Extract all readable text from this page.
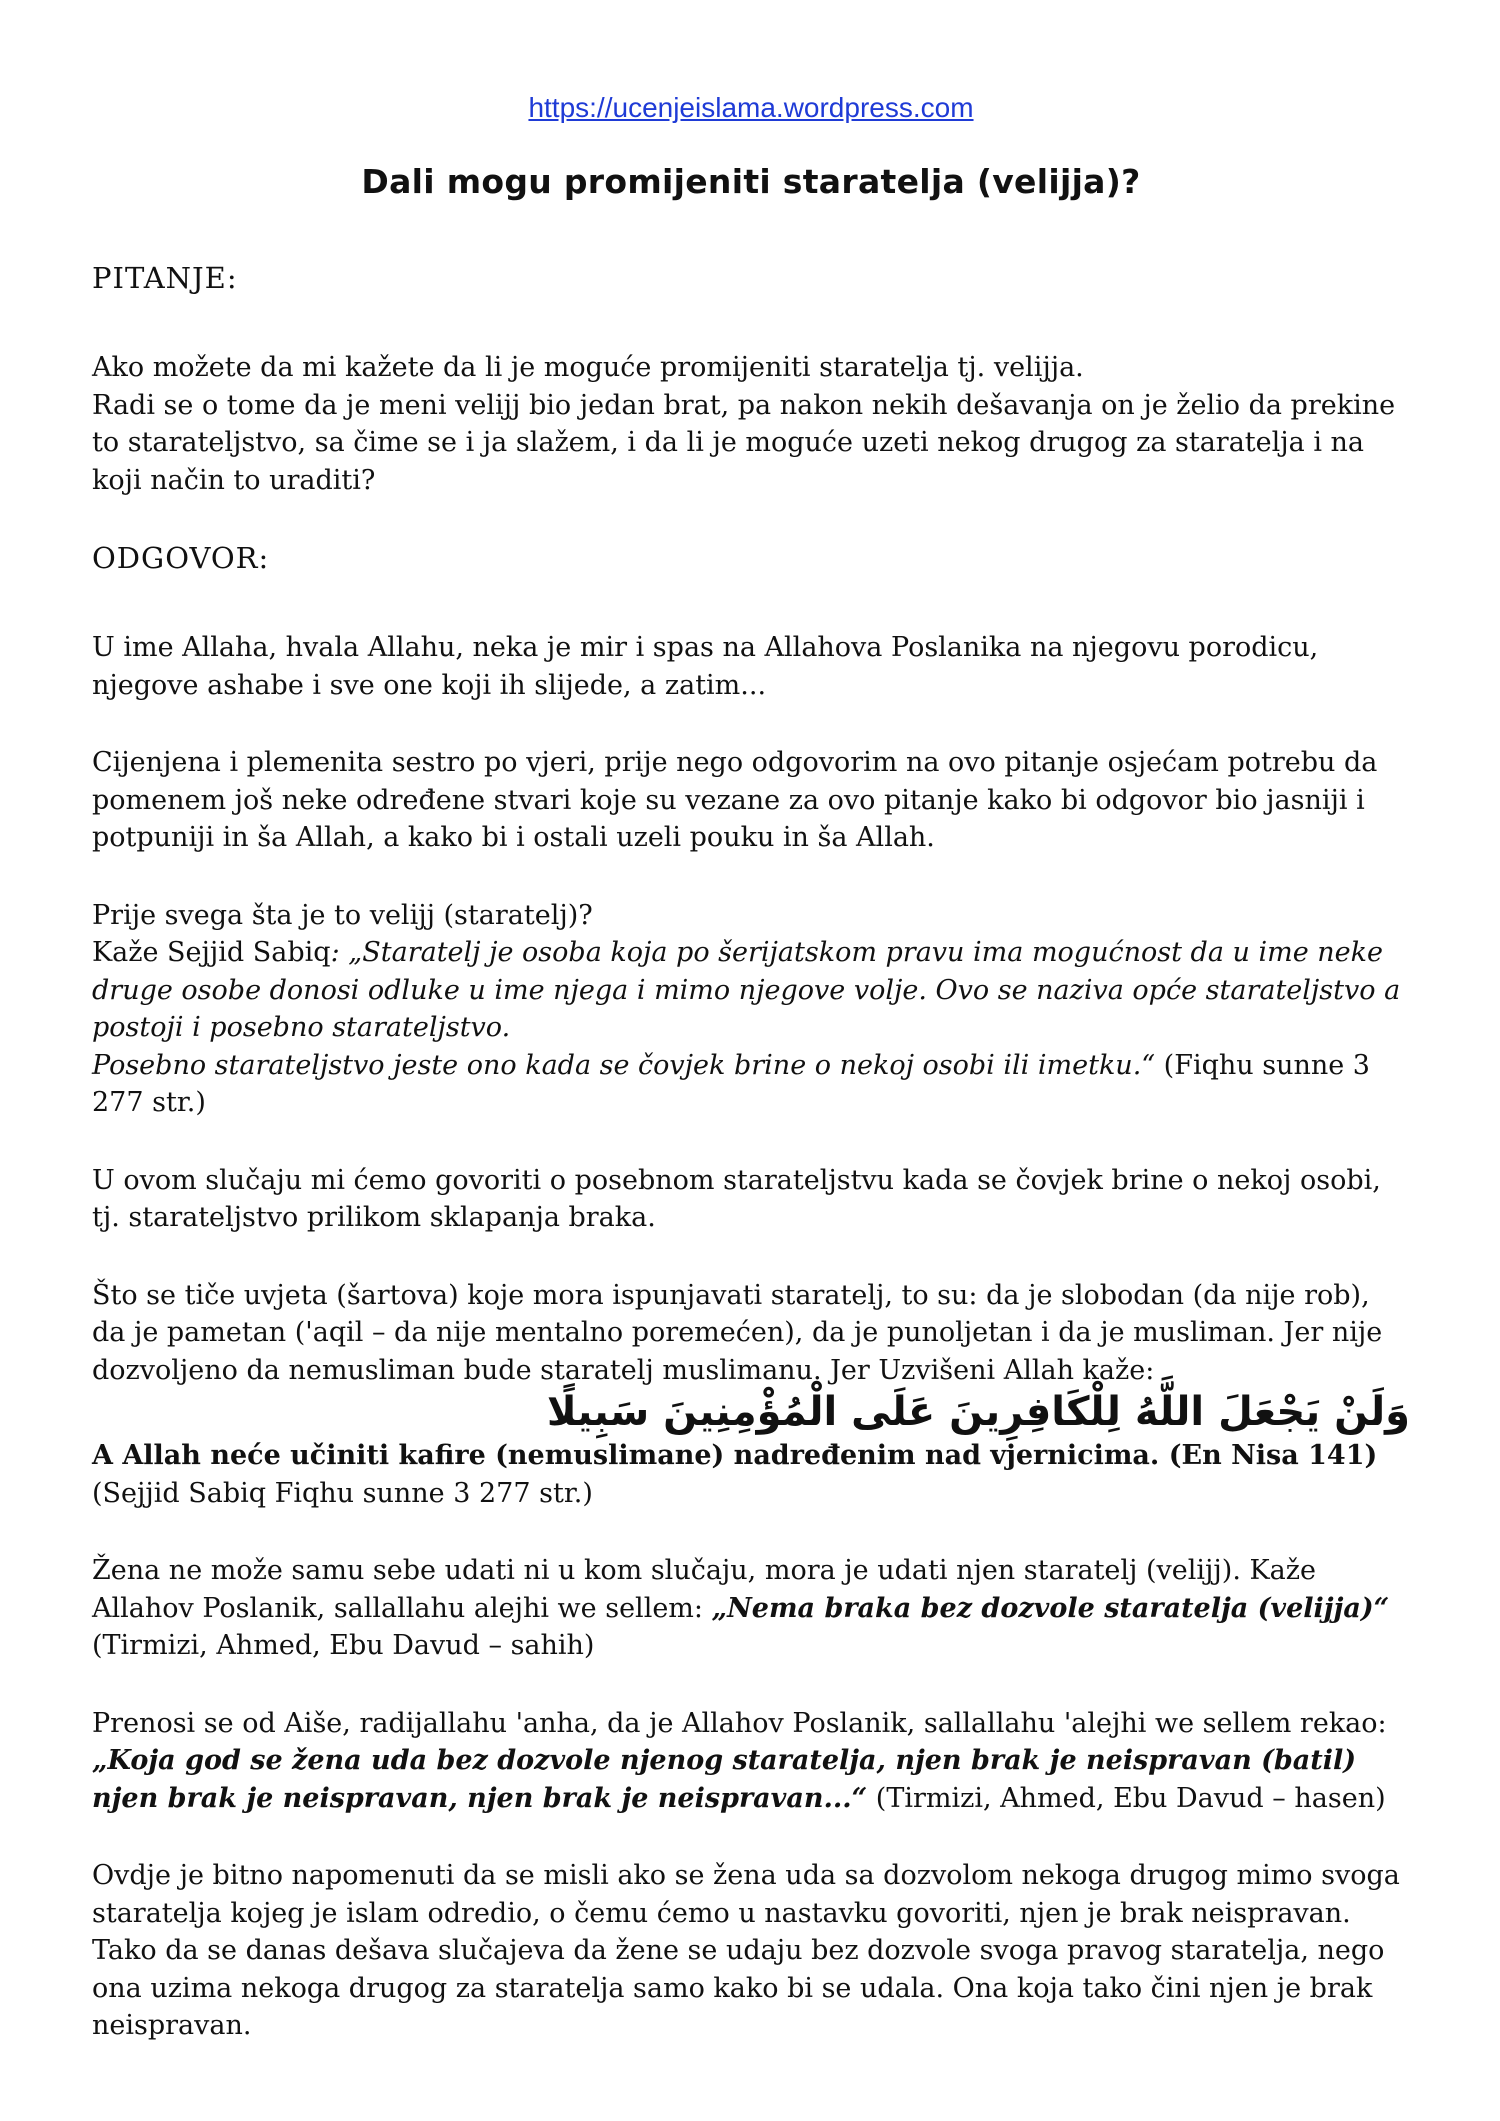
https://ucenjeislama.wordpress.com
Dali mogu promijeniti staratelja (velijja)?
PITANJE:

Ako možete da mi kažete da li je moguće promijeniti staratelja tj. velijja.

Radi se o tome da je meni velijj bio jedan brat, pa nakon nekih dešavanja on je želio da prekine to starateljstvo, sa čime se i ja slažem, i da li je moguće uzeti nekog drugog za staratelja i na koji način to uraditi?

ODGOVOR:

U ime Allaha, hvala Allahu, neka je mir i spas na Allahova Poslanika na njegovu porodicu, njegove ashabe i sve one koji ih slijede, a zatim...

Cijenjena i plemenita sestro po vjeri, prije nego odgovorim na ovo pitanje osjećam potrebu da pomenem još neke određene stvari koje su vezane za ovo pitanje kako bi odgovor bio jasniji i potpuniji in ša Allah, a kako bi i ostali uzeli pouku in ša Allah.

Prije svega šta je to velijj (staratelj)?

Kaže Sejjid Sabiq: „Staratelj je osoba koja po šerijatskom pravu ima mogućnost da u ime neke druge osobe donosi odluke u ime njega i mimo njegove volje. Ovo se naziva opće starateljstvo a postoji i posebno starateljstvo.

Posebno starateljstvo jeste ono kada se čovjek brine o nekoj osobi ili imetku.“ (Fiqhu sunne 3 277 str.)

U ovom slučaju mi ćemo govoriti o posebnom starateljstvu kada se čovjek brine o nekoj osobi, tj. starateljstvo prilikom sklapanja braka.

Što se tiče uvjeta (šartova) koje mora ispunjavati staratelj, to su: da je slobodan (da nije rob), da je pametan ('aqil – da nije mentalno poremećen), da je punoljetan i da je musliman. Jer nije dozvoljeno da nemusliman bude staratelj muslimanu. Jer Uzvišeni Allah kaže:

وَلَنْ يَجْعَلَ اللَّهُ لِلْكَافِرِينَ عَلَى الْمُؤْمِنِينَ سَبِيلًا

A Allah neće učiniti kafire (nemuslimane) nadređenim nad vjernicima. (En Nisa 141) (Sejjid Sabiq Fiqhu sunne 3 277 str.)

Žena ne može samu sebe udati ni u kom slučaju, mora je udati njen staratelj (velijj). Kaže Allahov Poslanik, sallallahu alejhi we sellem: „Nema braka bez dozvole staratelja (velijja)“ (Tirmizi, Ahmed, Ebu Davud – sahih)

Prenosi se od Aiše, radijallahu 'anha, da je Allahov Poslanik, sallallahu 'alejhi we sellem rekao: „Koja god se žena uda bez dozvole njenog staratelja, njen brak je neispravan (batil) njen brak je neispravan, njen brak je neispravan...“ (Tirmizi, Ahmed, Ebu Davud – hasen)

Ovdje je bitno napomenuti da se misli ako se žena uda sa dozvolom nekoga drugog mimo svoga staratelja kojeg je islam odredio, o čemu ćemo u nastavku govoriti, njen je brak neispravan. Tako da se danas dešava slučajeva da žene se udaju bez dozvole svoga pravog staratelja, nego ona uzima nekoga drugog za staratelja samo kako bi se udala. Ona koja tako čini njen je brak neispravan.
